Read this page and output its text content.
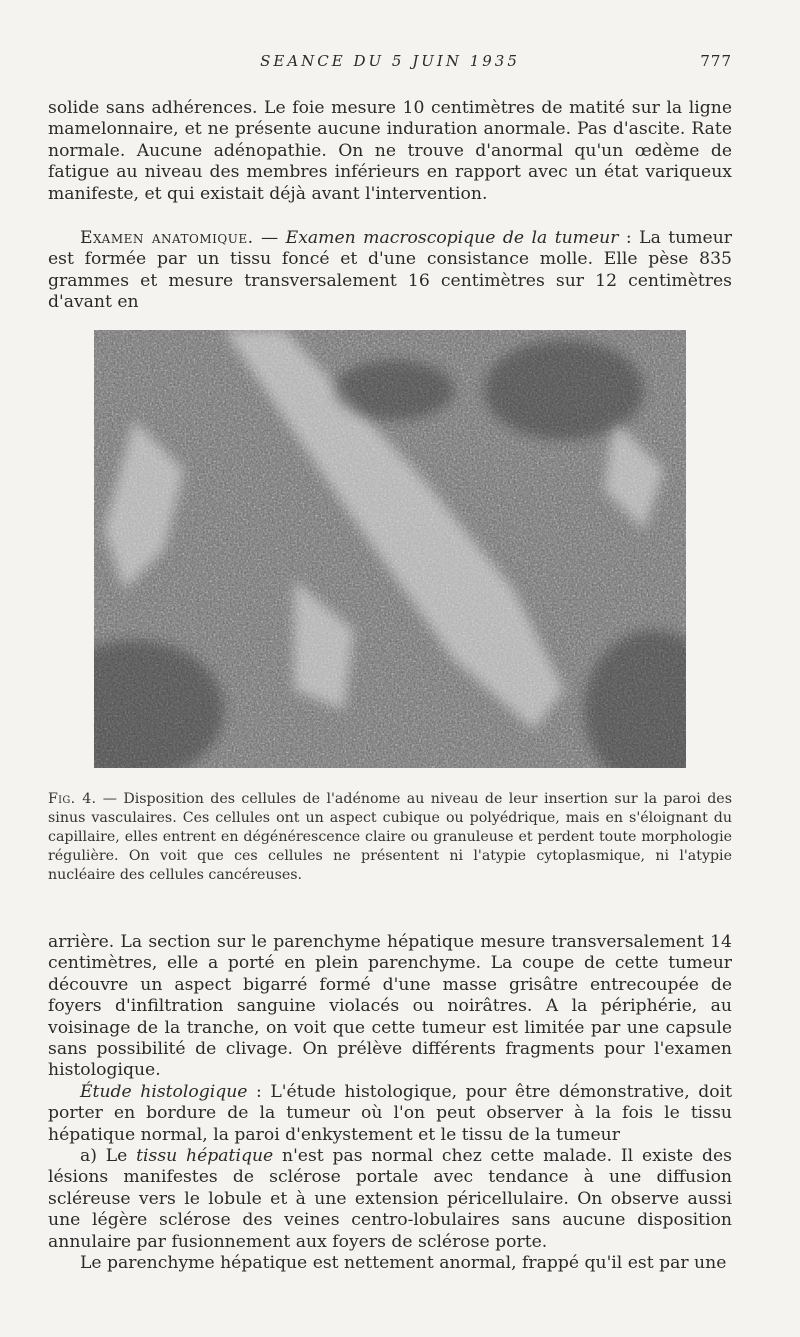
SEANCE DU 5 JUIN 1935	777
solide sans adhérences. Le foie mesure 10 centimètres de matité sur la ligne mamelonnaire, et ne présente aucune induration anormale. Pas d'ascite. Rate normale. Aucune adénopathie. On ne trouve d'anormal qu'un œdème de fatigue au niveau des membres inférieurs en rapport avec un état variqueux manifeste, et qui existait déjà avant l'intervention.
Examen anatomique. — Examen macroscopique de la tumeur : La tumeur est formée par un tissu foncé et d'une consistance molle. Elle pèse 835 grammes et mesure transversalement 16 centimètres sur 12 centimètres d'avant en
Fig. 4. — Disposition des cellules de l'adénome au niveau de leur insertion sur la paroi des sinus vasculaires. Ces cellules ont un aspect cubique ou polyédrique, mais en s'éloignant du capillaire, elles entrent en dégénérescence claire ou granuleuse et perdent toute morphologie régulière. On voit que ces cellules ne présentent ni l'atypie cytoplasmique, ni l'atypie nucléaire des cellules cancéreuses.
arrière. La section sur le parenchyme hépatique mesure transversalement 14 centimètres, elle a porté en plein parenchyme. La coupe de cette tumeur découvre un aspect bigarré formé d'une masse grisâtre entrecoupée de foyers d'infiltration sanguine violacés ou noirâtres. A la périphérie, au voisinage de la tranche, on voit que cette tumeur est limitée par une capsule sans possibilité de clivage. On prélève différents fragments pour l'examen histologique.
Étude histologique : L'étude histologique, pour être démonstrative, doit porter en bordure de la tumeur où l'on peut observer à la fois le tissu hépatique normal, la paroi d'enkystement et le tissu de la tumeur
a) Le tissu hépatique n'est pas normal chez cette malade. Il existe des lésions manifestes de sclérose portale avec tendance à une diffusion scléreuse vers le lobule et à une extension péricellulaire. On observe aussi une légère sclérose des veines centro-lobulaires sans aucune disposition annulaire par fusionnement aux foyers de sclérose porte.
Le parenchyme hépatique est nettement anormal, frappé qu'il est par une
